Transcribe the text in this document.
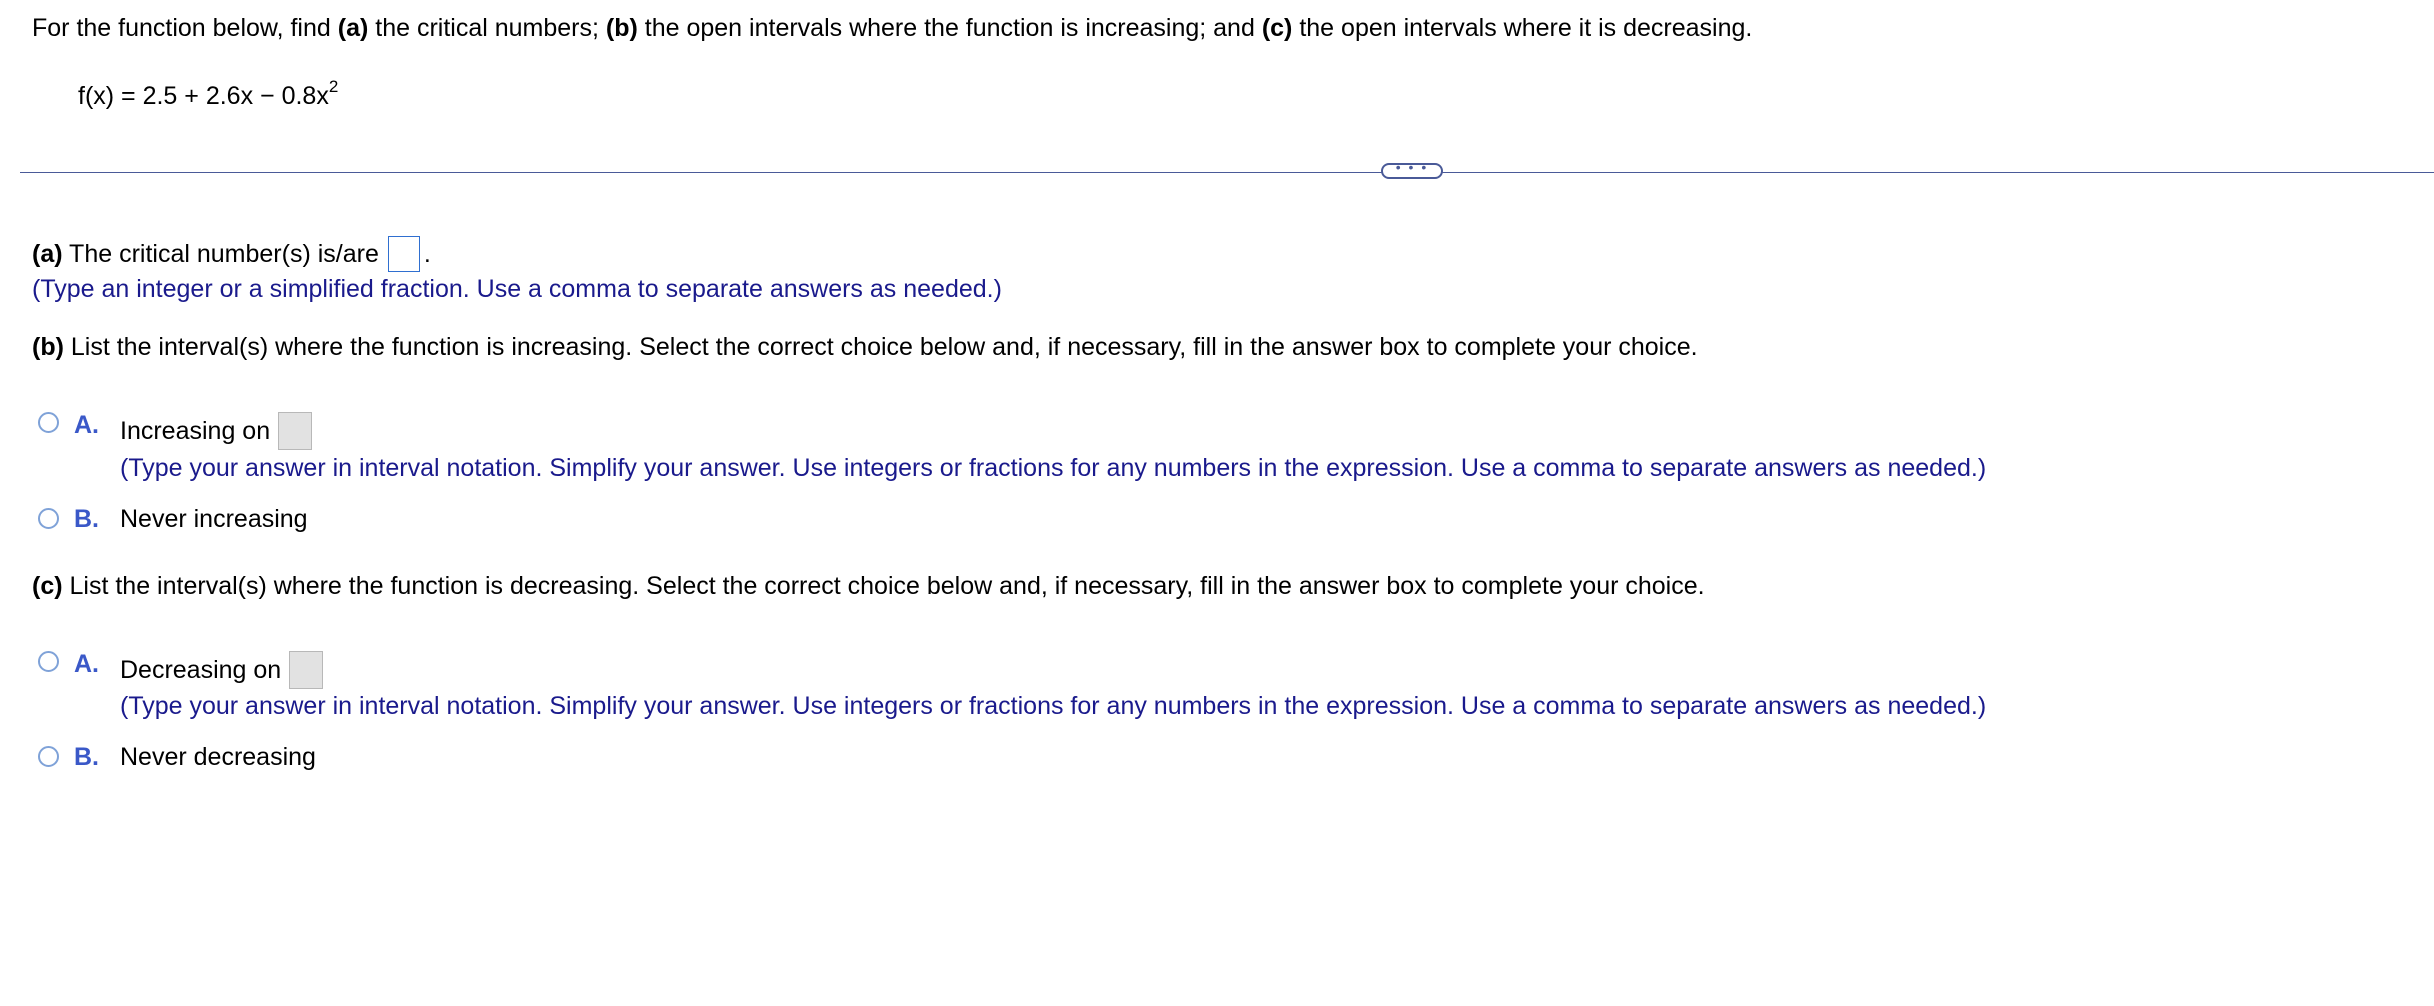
For the function below, find (a) the critical numbers; (b) the open intervals where the function is increasing; and (c) the open intervals where it is decreasing.
$f(x) = 2.5 + 2.6x - 0.8x^2$
• • •
(a) The critical number(s) is/are .
(Type an integer or a simplified fraction. Use a comma to separate answers as needed.)
(b) List the interval(s) where the function is increasing. Select the correct choice below and, if necessary, fill in the answer box to complete your choice.
A. Increasing on
(Type your answer in interval notation. Simplify your answer. Use integers or fractions for any numbers in the expression. Use a comma to separate answers as needed.)
B. Never increasing
(c) List the interval(s) where the function is decreasing. Select the correct choice below and, if necessary, fill in the answer box to complete your choice.
A. Decreasing on
(Type your answer in interval notation. Simplify your answer. Use integers or fractions for any numbers in the expression. Use a comma to separate answers as needed.)
B. Never decreasing
